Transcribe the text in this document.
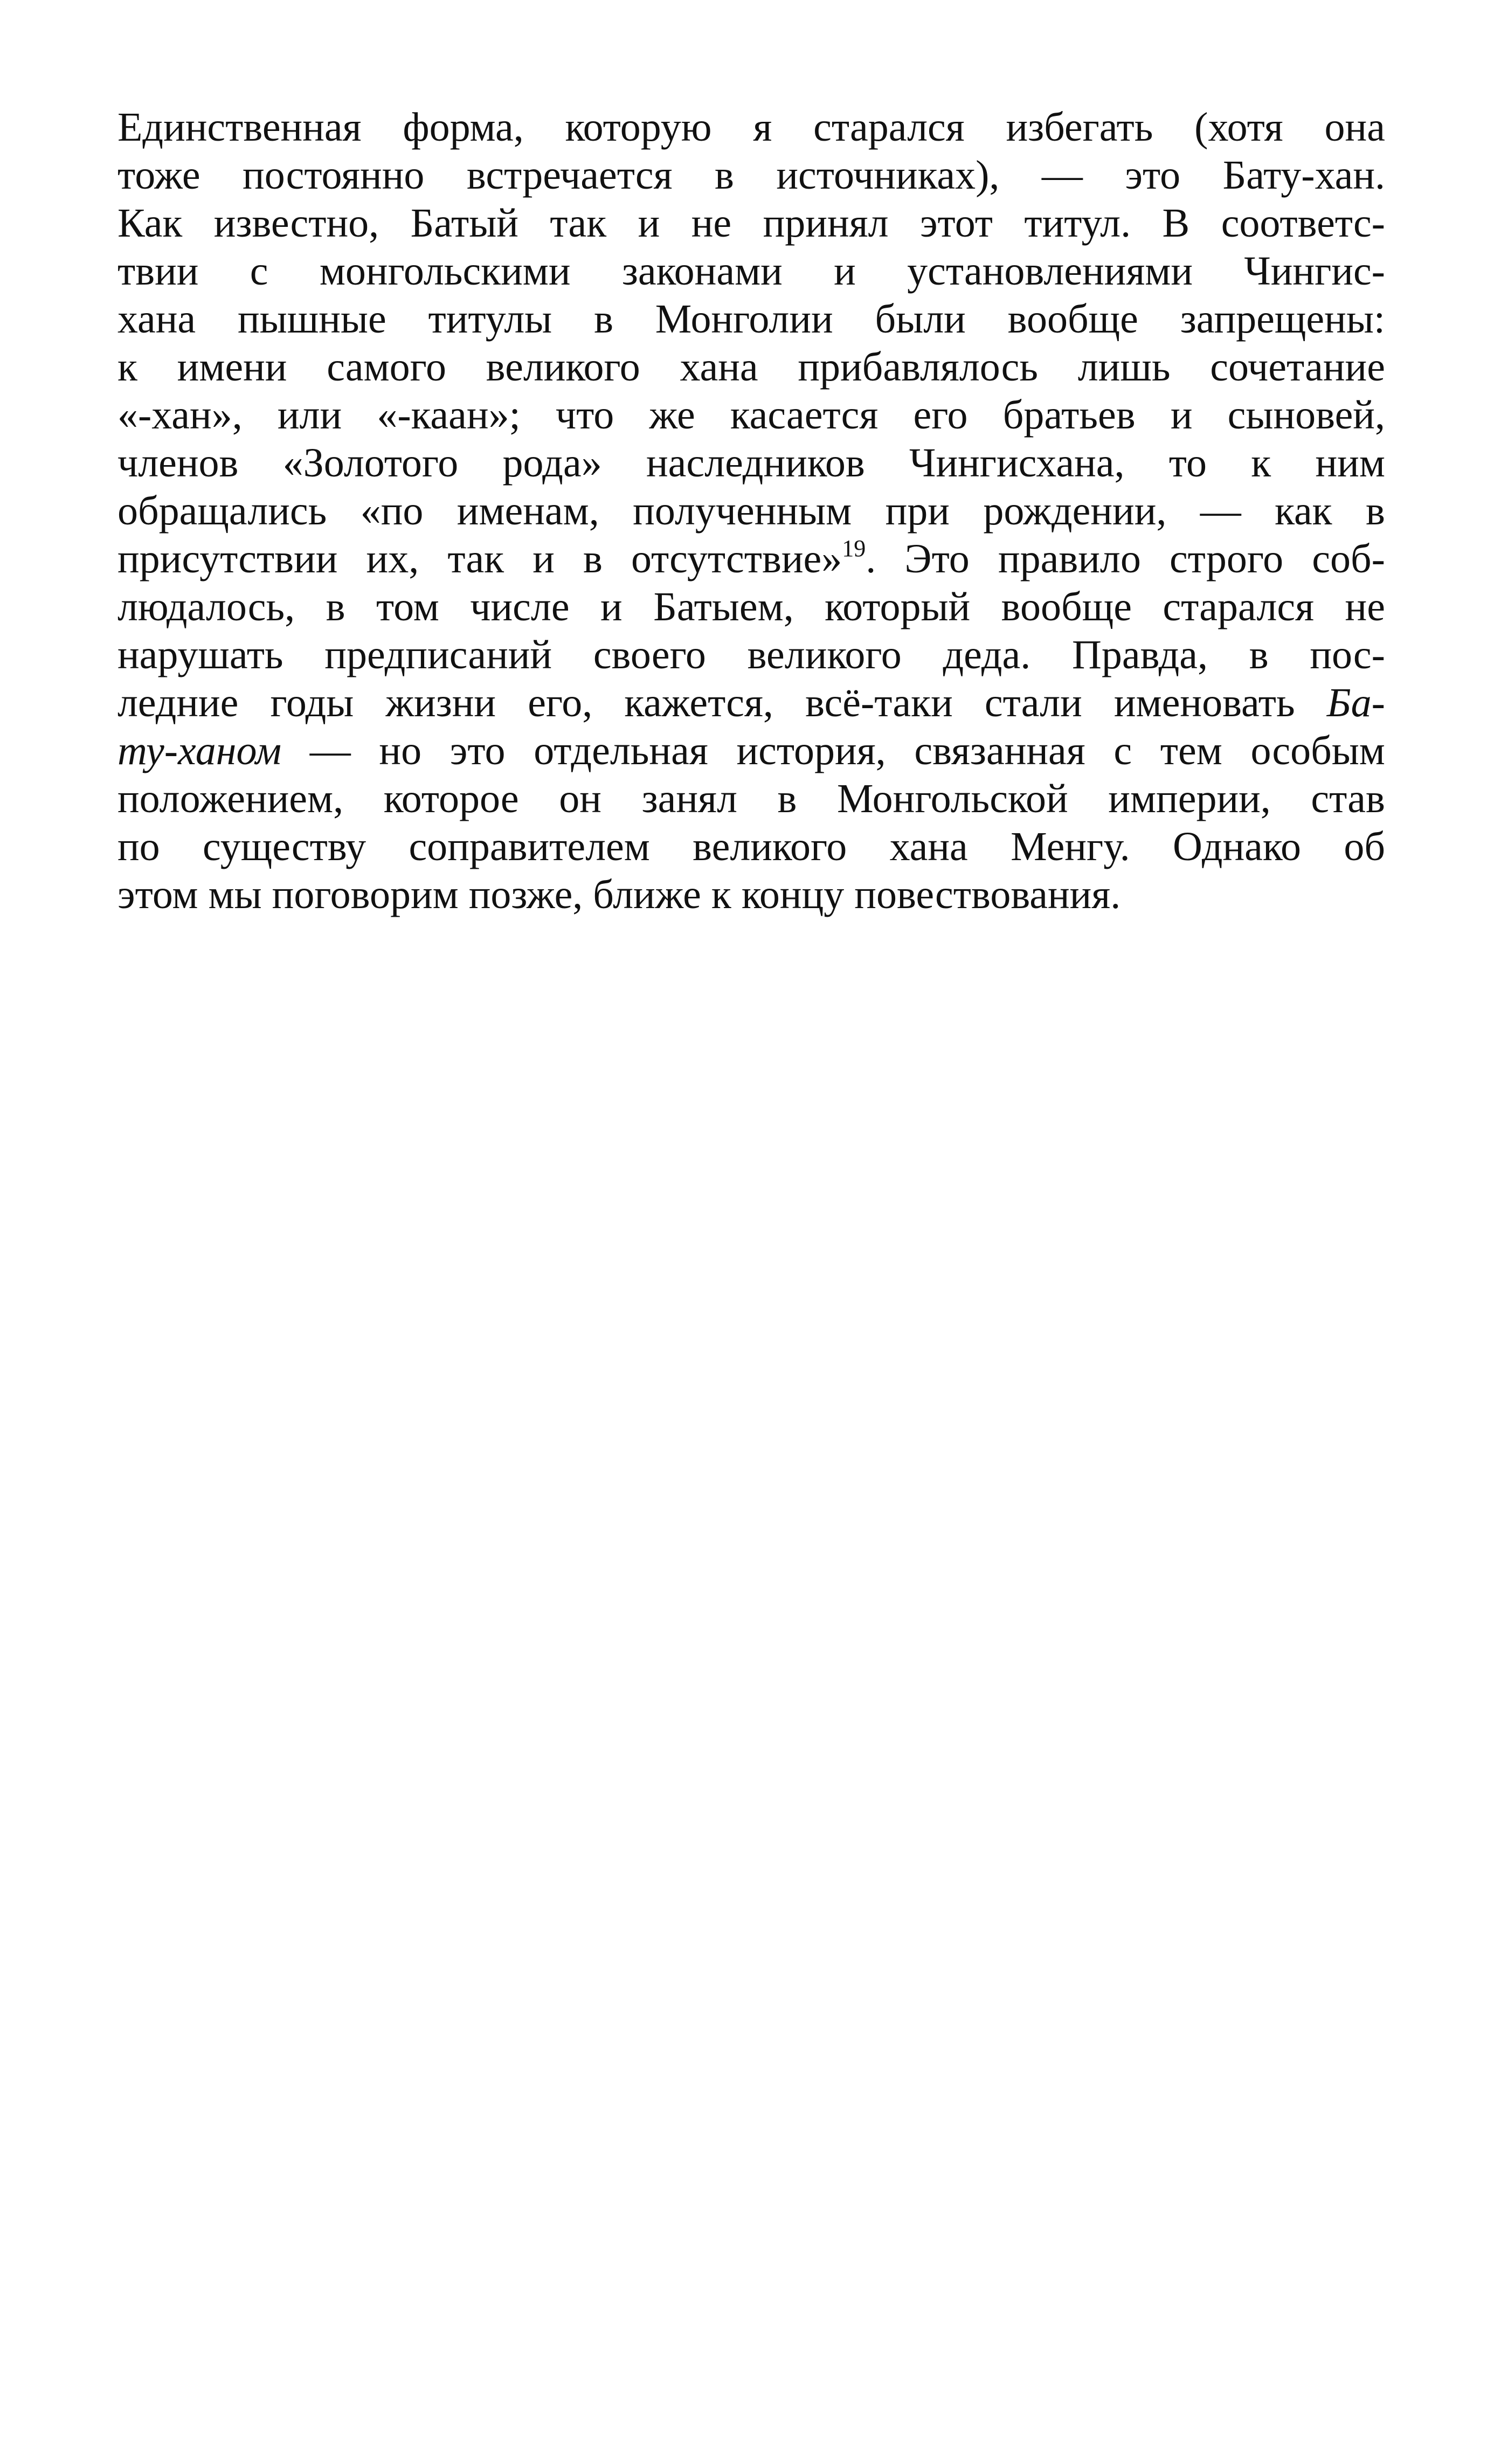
Единственная форма, которую я старался избегать (хотя она
тоже постоянно встречается в источниках), — это Бату-хан.
Как известно, Батый так и не принял этот титул. В соответс-
твии с монгольскими законами и установлениями Чингис-
хана пышные титулы в Монголии были вообще запрещены:
к имени самого великого хана прибавлялось лишь сочетание
«-хан», или «-каан»; что же касается его братьев и сыновей,
членов «Золотого рода» наследников Чингисхана, то к ним
обращались «по именам, полученным при рождении, — как в
присутствии их, так и в отсутствие»$^{19}$. Это правило строго соб-
людалось, в том числе и Батыем, который вообще старался не
нарушать предписаний своего великого деда. Правда, в пос-
ледние годы жизни его, кажется, всё-таки стали именовать Ба-
ту-ханом — но это отдельная история, связанная с тем особым
положением, которое он занял в Монгольской империи, став
по существу соправителем великого хана Менгу. Однако об
этом мы поговорим позже, ближе к концу повествования.
